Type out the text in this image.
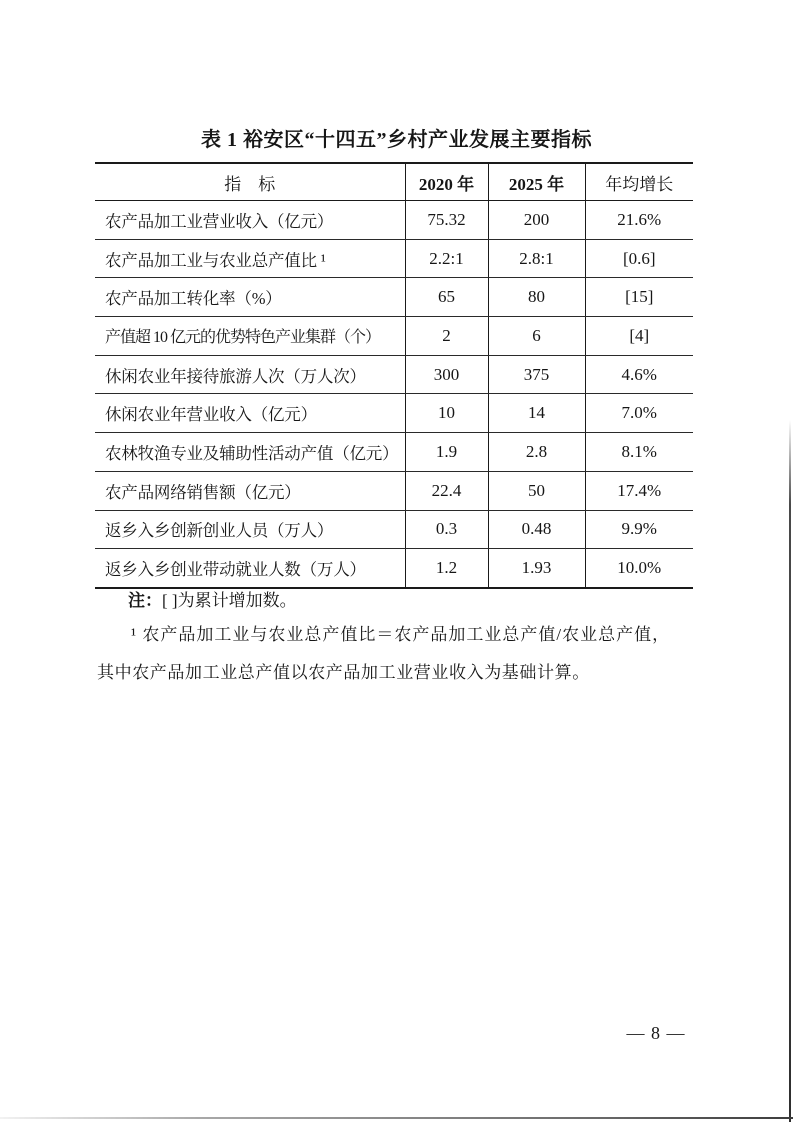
表 1 裕安区“十四五”乡村产业发展主要指标
指　标	2020 年	2025 年	年均增长
农产品加工业营业收入（亿元）	75.32	200	21.6%
农产品加工业与农业总产值比 ¹	2.2:1	2.8:1	[0.6]
农产品加工转化率（%）	65	80	[15]
产值超 10 亿元的优势特色产业集群（个）	2	6	[4]
休闲农业年接待旅游人次（万人次）	300	375	4.6%
休闲农业年营业收入（亿元）	10	14	7.0%
农林牧渔专业及辅助性活动产值（亿元）	1.9	2.8	8.1%
农产品网络销售额（亿元）	22.4	50	17.4%
返乡入乡创新创业人员（万人）	0.3	0.48	9.9%
返乡入乡创业带动就业人数（万人）	1.2	1.93	10.0%

注：[ ]为累计增加数。

¹ 农产品加工业与农业总产值比＝农产品加工业总产值/农业总产值，

其中农产品加工业总产值以农产品加工业营业收入为基础计算。

— 8 —
